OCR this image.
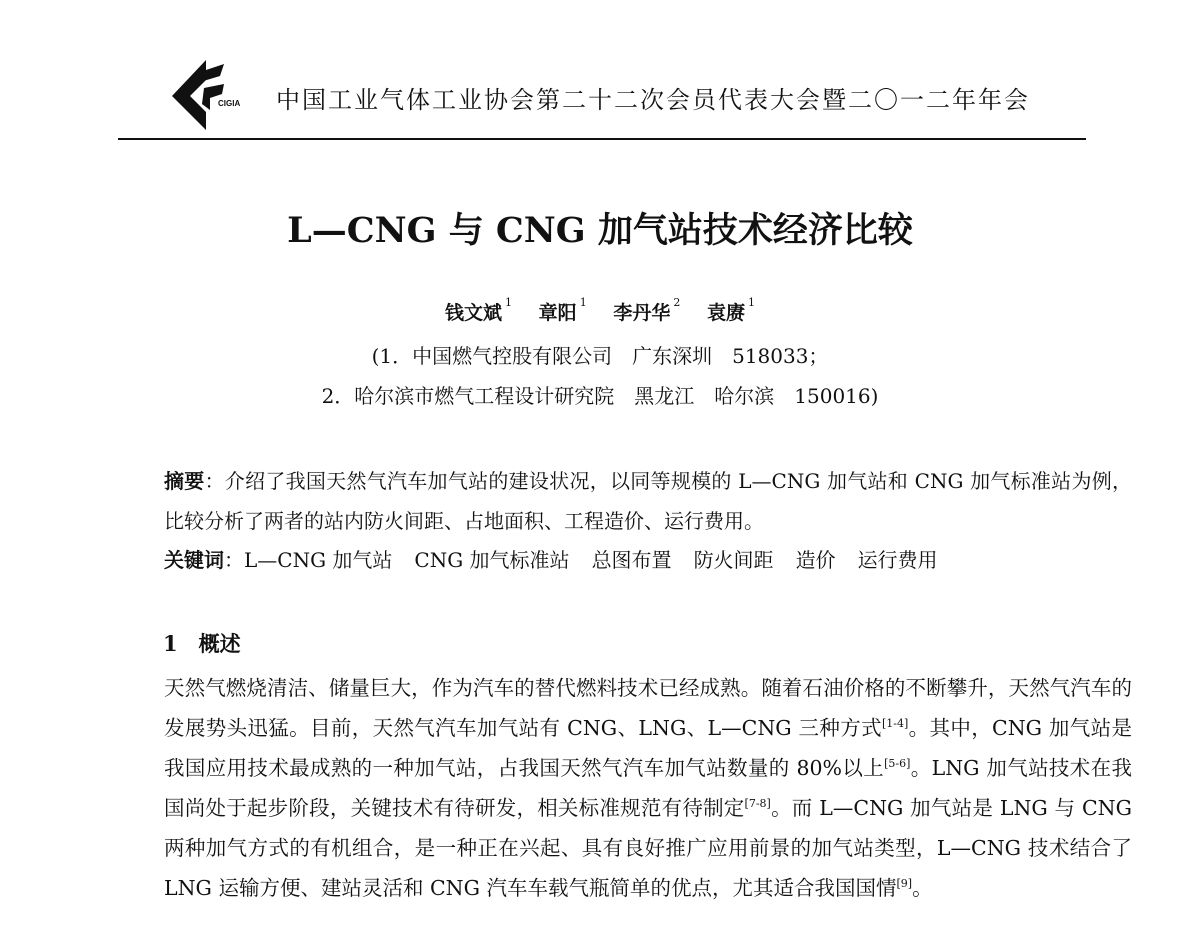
CIGIA 中国工业气体工业协会第二十二次会员代表大会暨二〇一二年年会
L—CNG 与 CNG 加气站技术经济比较
钱文斌 $^1$ 章阳 $^1$ 李丹华 $^2$ 袁赓 $^1$
(1．中国燃气控股有限公司　广东深圳　518033；
2．哈尔滨市燃气工程设计研究院　黑龙江　哈尔滨　150016)
摘要：介绍了我国天然气汽车加气站的建设状况，以同等规模的 L—CNG 加气站和 CNG 加气标准站为例，比较分析了两者的站内防火间距、占地面积、工程造价、运行费用。
关键词：L—CNG 加气站 CNG 加气标准站 总图布置 防火间距 造价 运行费用
1　概述
天然气燃烧清洁、储量巨大，作为汽车的替代燃料技术已经成熟。随着石油价格的不断攀升，天然气汽车的发展势头迅猛。目前，天然气汽车加气站有 CNG、LNG、L—CNG 三种方式[1-4]。其中，CNG 加气站是我国应用技术最成熟的一种加气站，占我国天然气汽车加气站数量的 80%以上[5-6]。LNG 加气站技术在我国尚处于起步阶段，关键技术有待研发，相关标准规范有待制定[7-8]。而 L—CNG 加气站是 LNG 与 CNG 两种加气方式的有机组合，是一种正在兴起、具有良好推广应用前景的加气站类型，L—CNG 技术结合了 LNG 运输方便、建站灵活和 CNG 汽车车载气瓶简单的优点，尤其适合我国国情[9]。
